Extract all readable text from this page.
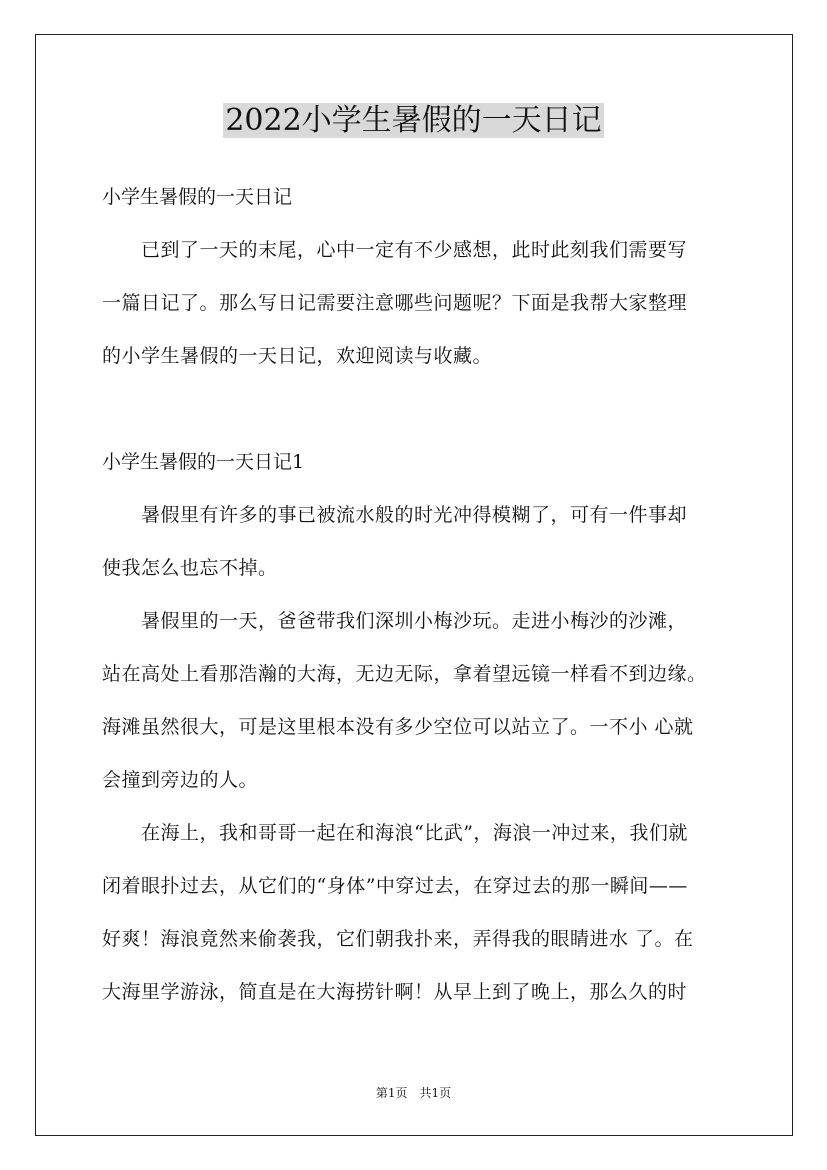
2022小学生暑假的一天日记
小学生暑假的一天日记
　　已到了一天的末尾，心中一定有不少感想，此时此刻我们需要写
一篇日记了。那么写日记需要注意哪些问题呢？下面是我帮大家整理
的小学生暑假的一天日记，欢迎阅读与收藏。
小学生暑假的一天日记1
　　暑假里有许多的事已被流水般的时光冲得模糊了，可有一件事却
使我怎么也忘不掉。
　　暑假里的一天，爸爸带我们深圳小梅沙玩。走进小梅沙的沙滩，
站在高处上看那浩瀚的大海，无边无际，拿着望远镜一样看不到边缘。
海滩虽然很大，可是这里根本没有多少空位可以站立了。一不小 心就
会撞到旁边的人。
　　在海上，我和哥哥一起在和海浪“比武”，海浪一冲过来，我们就
闭着眼扑过去，从它们的“身体”中穿过去，在穿过去的那一瞬间——
好爽！海浪竟然来偷袭我，它们朝我扑来，弄得我的眼睛进水 了。在
大海里学游泳，简直是在大海捞针啊！从早上到了晚上，那么久的时
第1页　共1页
